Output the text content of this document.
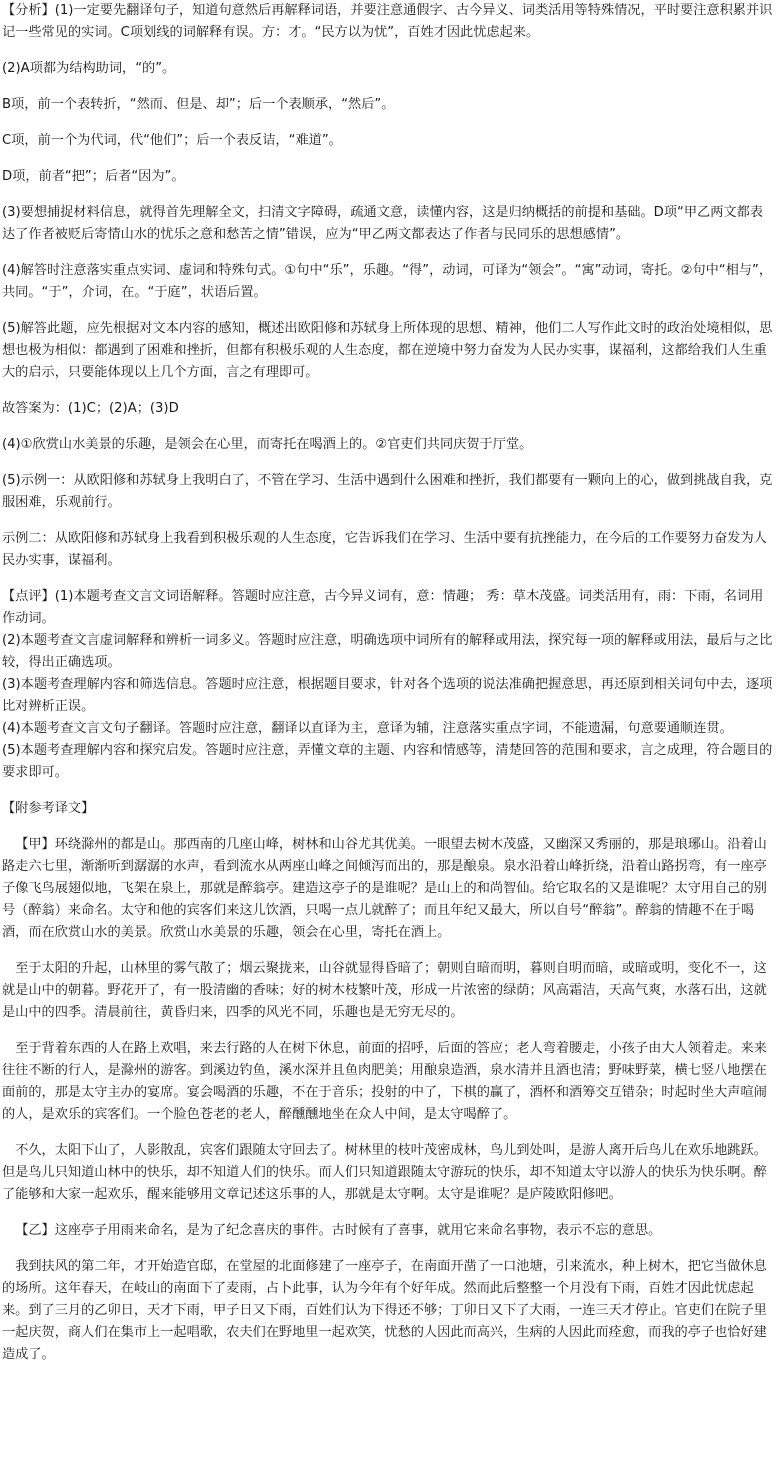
【分析】(1)一定要先翻译句子，知道句意然后再解释词语，并要注意通假字、古今异义、词类活用等特殊情况，平时要注意积累并识记一些常见的实词。C项划线的词解释有误。方：才。“民方以为忧”，百姓才因此忧虑起来。

(2)A项都为结构助词，“的”。

B项，前一个表转折，“然而、但是、却”；后一个表顺承，“然后”。

C项，前一个为代词，代“他们”；后一个表反诘，“难道”。

D项，前者“把”；后者“因为”。

(3)要想捕捉材料信息，就得首先理解全文，扫清文字障碍，疏通文意，读懂内容，这是归纳概括的前提和基础。D项“甲乙两文都表达了作者被贬后寄情山水的忧乐之意和愁苦之情”错误，应为“甲乙两文都表达了作者与民同乐的思想感情”。

(4)解答时注意落实重点实词、虚词和特殊句式。①句中“乐”，乐趣。“得”，动词，可译为“领会”。“寓”动词，寄托。②句中“相与”，共同。“于”，介词，在。“于庭”，状语后置。

(5)解答此题，应先根据对文本内容的感知，概述出欧阳修和苏轼身上所体现的思想、精神，他们二人写作此文时的政治处境相似，思想也极为相似：都遇到了困难和挫折，但都有积极乐观的人生态度，都在逆境中努力奋发为人民办实事，谋福利，这都给我们人生重大的启示，只要能体现以上几个方面，言之有理即可。

故答案为：(1)C；(2)A；(3)D

(4)①欣赏山水美景的乐趣，是领会在心里，而寄托在喝酒上的。②官吏们共同庆贺于厅堂。

(5)示例一：从欧阳修和苏轼身上我明白了，不管在学习、生活中遇到什么困难和挫折，我们都要有一颗向上的心，做到挑战自我，克服困难，乐观前行。

示例二：从欧阳修和苏轼身上我看到积极乐观的人生态度，它告诉我们在学习、生活中要有抗挫能力，在今后的工作要努力奋发为人民办实事，谋福利。

【点评】(1)本题考查文言文词语解释。答题时应注意，古今异义词有，意：情趣； 秀：草木茂盛。词类活用有，雨：下雨，名词用作动词。

(2)本题考查文言虚词解释和辨析一词多义。答题时应注意，明确选项中词所有的解释或用法，探究每一项的解释或用法，最后与之比较，得出正确选项。

(3)本题考查理解内容和筛选信息。答题时应注意，根据题目要求，针对各个选项的说法准确把握意思，再还原到相关词句中去，逐项比对辨析正误。

(4)本题考查文言文句子翻译。答题时应注意，翻译以直译为主，意译为辅，注意落实重点字词，不能遗漏，句意要通顺连贯。

(5)本题考查理解内容和探究启发。答题时应注意，弄懂文章的主题、内容和情感等，清楚回答的范围和要求，言之成理，符合题目的要求即可。

【附参考译文】

【甲】环绕滁州的都是山。那西南的几座山峰，树林和山谷尤其优美。一眼望去树木茂盛，又幽深又秀丽的，那是琅琊山。沿着山路走六七里，渐渐听到潺潺的水声，看到流水从两座山峰之间倾泻而出的，那是酿泉。泉水沿着山峰折绕，沿着山路拐弯，有一座亭子像飞鸟展翅似地，飞架在泉上，那就是醉翁亭。建造这亭子的是谁呢？是山上的和尚智仙。给它取名的又是谁呢？太守用自己的别号（醉翁）来命名。太守和他的宾客们来这儿饮酒，只喝一点儿就醉了；而且年纪又最大，所以自号“醉翁”。醉翁的情趣不在于喝酒，而在欣赏山水的美景。欣赏山水美景的乐趣，领会在心里，寄托在酒上。

至于太阳的升起，山林里的雾气散了；烟云聚拢来，山谷就显得昏暗了；朝则自暗而明，暮则自明而暗，或暗或明，变化不一，这就是山中的朝暮。野花开了，有一股清幽的香味；好的树木枝繁叶茂，形成一片浓密的绿荫；风高霜洁，天高气爽，水落石出，这就是山中的四季。清晨前往，黄昏归来，四季的风光不同，乐趣也是无穷无尽的。

至于背着东西的人在路上欢唱，来去行路的人在树下休息，前面的招呼，后面的答应；老人弯着腰走，小孩子由大人领着走。来来往往不断的行人，是滁州的游客。到溪边钓鱼，溪水深并且鱼肉肥美；用酿泉造酒，泉水清并且酒也清；野味野菜，横七竖八地摆在面前的，那是太守主办的宴席。宴会喝酒的乐趣，不在于音乐；投射的中了，下棋的赢了，酒杯和酒筹交互错杂；时起时坐大声喧闹的人，是欢乐的宾客们。一个脸色苍老的老人，醉醺醺地坐在众人中间，是太守喝醉了。

不久，太阳下山了，人影散乱，宾客们跟随太守回去了。树林里的枝叶茂密成林，鸟儿到处叫，是游人离开后鸟儿在欢乐地跳跃。但是鸟儿只知道山林中的快乐，却不知道人们的快乐。而人们只知道跟随太守游玩的快乐，却不知道太守以游人的快乐为快乐啊。醉了能够和大家一起欢乐，醒来能够用文章记述这乐事的人，那就是太守啊。太守是谁呢？是庐陵欧阳修吧。

【乙】这座亭子用雨来命名，是为了纪念喜庆的事件。古时候有了喜事，就用它来命名事物，表示不忘的意思。

我到扶风的第二年，才开始造官邸，在堂屋的北面修建了一座亭子，在南面开凿了一口池塘，引来流水，种上树木，把它当做休息的场所。这年春天，在岐山的南面下了麦雨，占卜此事，认为今年有个好年成。然而此后整整一个月没有下雨，百姓才因此忧虑起来。到了三月的乙卯日，天才下雨，甲子日又下雨，百姓们认为下得还不够；丁卯日又下了大雨，一连三天才停止。官吏们在院子里一起庆贺，商人们在集市上一起唱歌，农夫们在野地里一起欢笑，忧愁的人因此而高兴，生病的人因此而痊愈，而我的亭子也恰好建造成了。
